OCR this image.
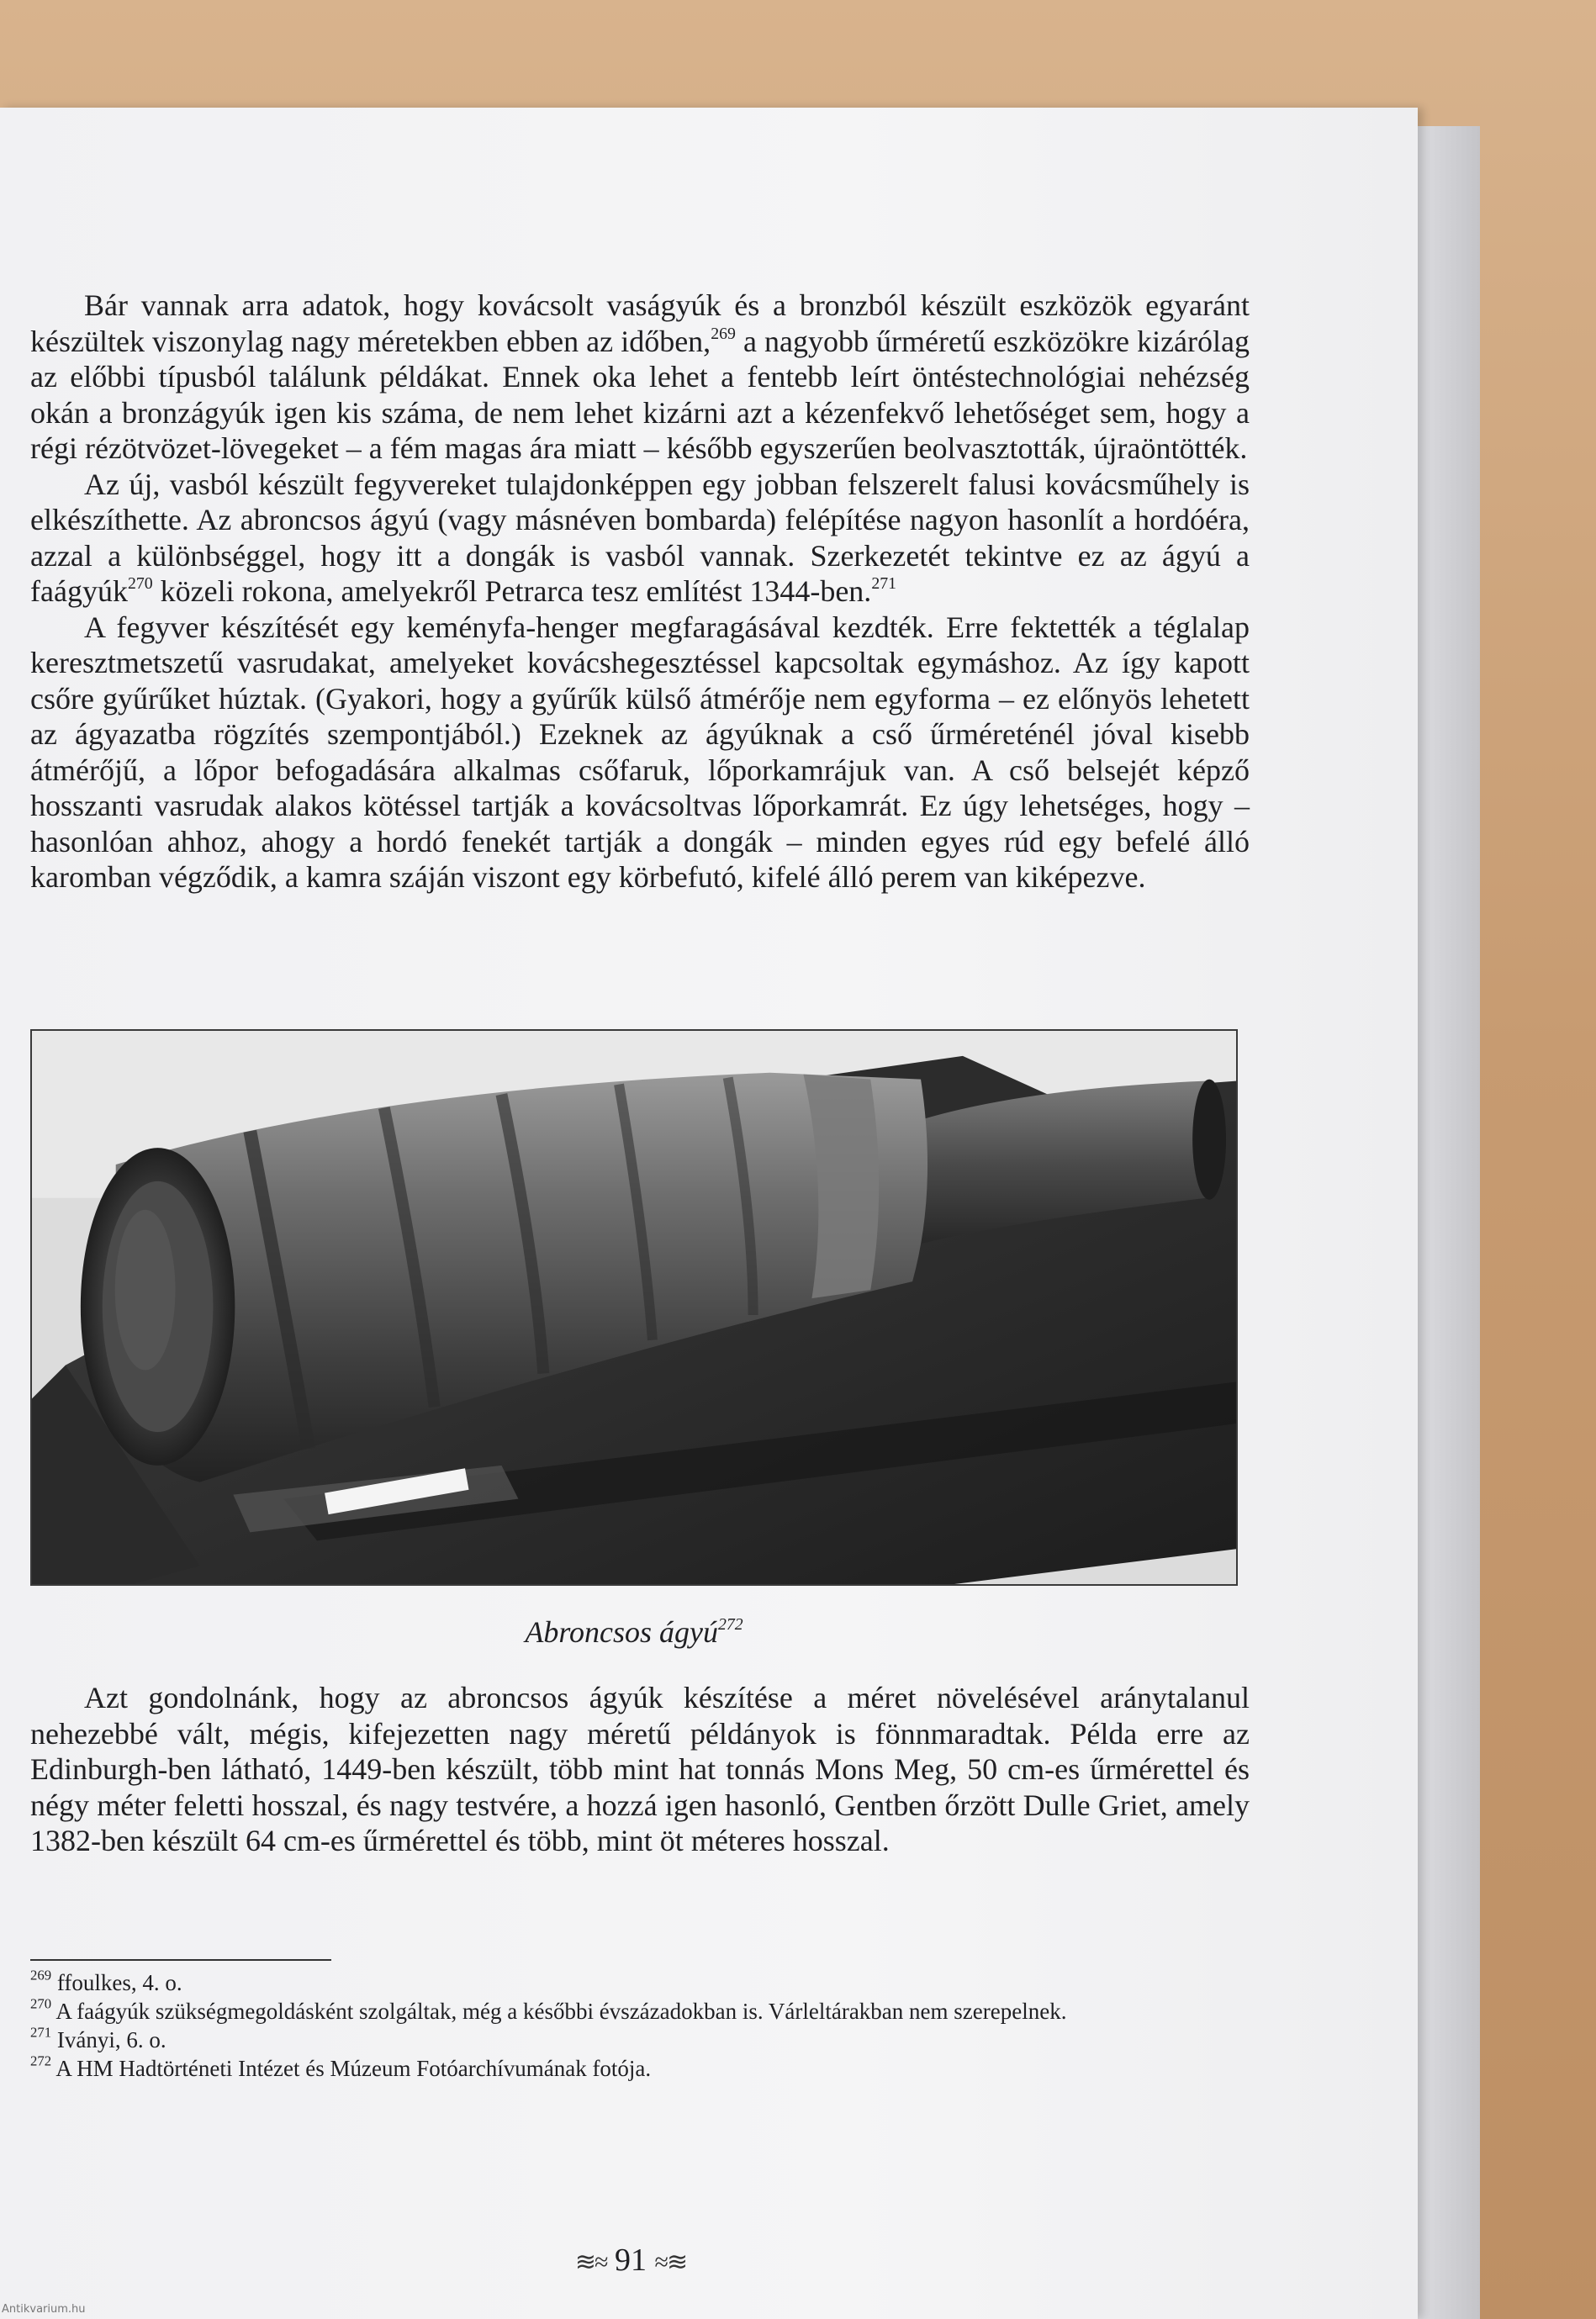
Bár vannak arra adatok, hogy kovácsolt vaságyúk és a bronzból készült eszközök egyaránt készültek viszonylag nagy méretekben ebben az időben,$^{269}$ a nagyobb űrméretű eszközökre kizárólag az előbbi típusból találunk példákat. Ennek oka lehet a fentebb leírt öntéstechnológiai nehézség okán a bronzágyúk igen kis száma, de nem lehet kizárni azt a kézenfekvő lehetőséget sem, hogy a régi rézötvözet-lövegeket – a fém magas ára miatt – később egyszerűen beolvasztották, újraöntötték.

Az új, vasból készült fegyvereket tulajdonképpen egy jobban felszerelt falusi kovácsműhely is elkészíthette. Az abroncsos ágyú (vagy másnéven bombarda) felépítése nagyon hasonlít a hordóéra, azzal a különbséggel, hogy itt a dongák is vasból vannak. Szerkezetét tekintve ez az ágyú a faágyúk$^{270}$ közeli rokona, amelyekről Petrarca tesz említést 1344-ben.$^{271}$

A fegyver készítését egy keményfa-henger megfaragásával kezdték. Erre fektették a téglalap keresztmetszetű vasrudakat, amelyeket kovácshegesztéssel kapcsoltak egymáshoz. Az így kapott csőre gyűrűket húztak. (Gyakori, hogy a gyűrűk külső átmérője nem egyforma – ez előnyös lehetett az ágyazatba rögzítés szempontjából.) Ezeknek az ágyúknak a cső űrméreténél jóval kisebb átmérőjű, a lőpor befogadására alkalmas csőfaruk, lőporkamrájuk van. A cső belsejét képző hosszanti vasrudak alakos kötéssel tartják a kovácsoltvas lőporkamrát. Ez úgy lehetséges, hogy – hasonlóan ahhoz, ahogy a hordó fenekét tartják a dongák – minden egyes rúd egy befelé álló karomban végződik, a kamra száján viszont egy körbefutó, kifelé álló perem van kiképezve.

Abroncsos ágyú$^{272}$

Azt gondolnánk, hogy az abroncsos ágyúk készítése a méret növelésével aránytalanul nehezebbé vált, mégis, kifejezetten nagy méretű példányok is fönnmaradtak. Példa erre az Edinburgh-ben látható, 1449-ben készült, több mint hat tonnás Mons Meg, 50 cm-es űrmérettel és négy méter feletti hosszal, és nagy testvére, a hozzá igen hasonló, Gentben őrzött Dulle Griet, amely 1382-ben készült 64 cm-es űrmérettel és több, mint öt méteres hosszal.

$^{269}$ ffoulkes, 4. o.
$^{270}$ A faágyúk szükségmegoldásként szolgáltak, még a későbbi évszázadokban is. Várleltárakban nem szerepelnek.
$^{271}$ Iványi, 6. o.
$^{272}$ A HM Hadtörténeti Intézet és Múzeum Fotóarchívumának fotója.
≋≈ 91 ≈≋
Antikvarium.hu
